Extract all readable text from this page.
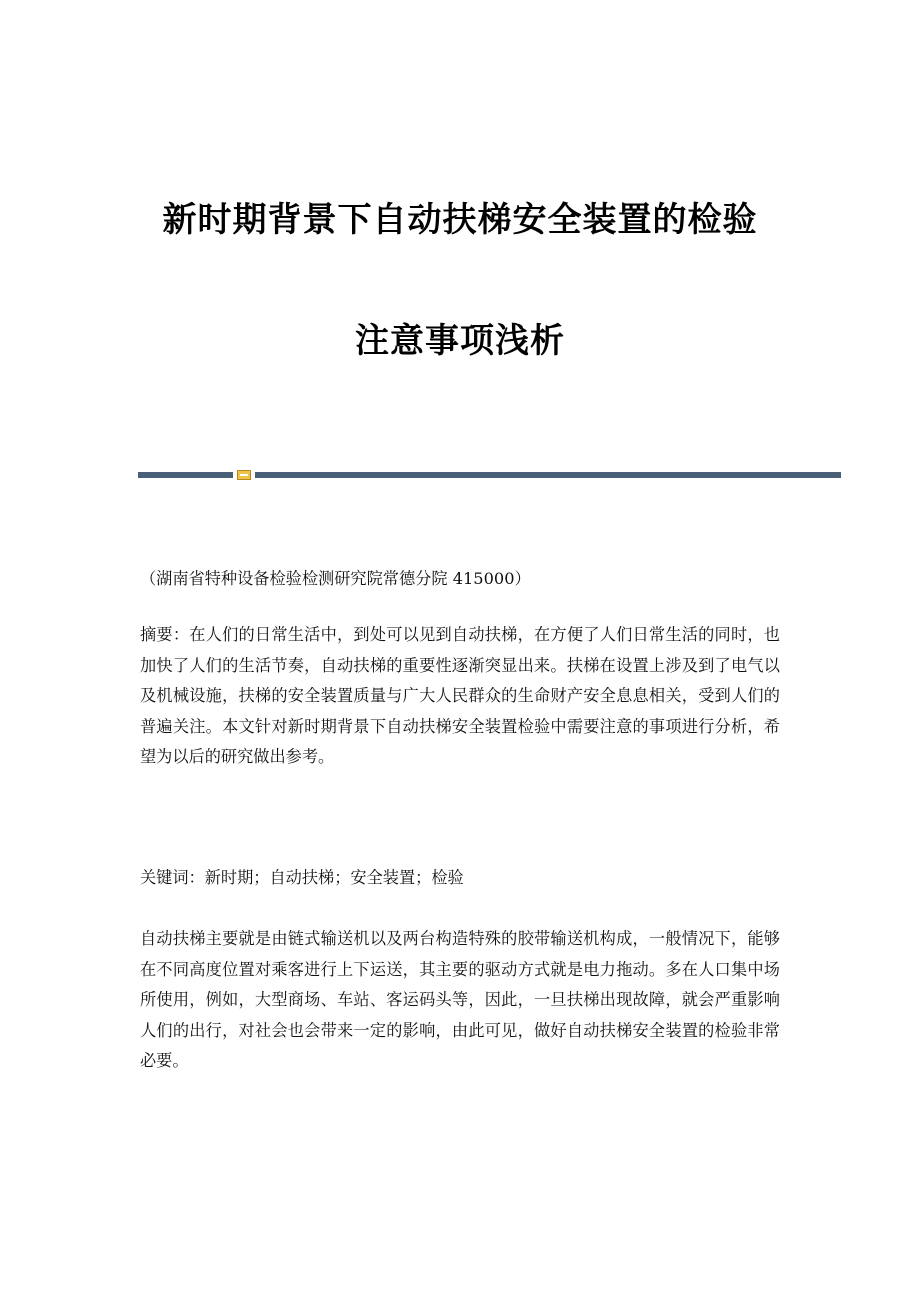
新时期背景下自动扶梯安全装置的检验
注意事项浅析

（湖南省特种设备检验检测研究院常德分院 415000）

摘要：在人们的日常生活中，到处可以见到自动扶梯，在方便了人们日常生活的同时，也加快了人们的生活节奏，自动扶梯的重要性逐渐突显出来。扶梯在设置上涉及到了电气以及机械设施，扶梯的安全装置质量与广大人民群众的生命财产安全息息相关，受到人们的普遍关注。本文针对新时期背景下自动扶梯安全装置检验中需要注意的事项进行分析，希望为以后的研究做出参考。

关键词：新时期；自动扶梯；安全装置；检验

自动扶梯主要就是由链式输送机以及两台构造特殊的胶带输送机构成，一般情况下，能够在不同高度位置对乘客进行上下运送，其主要的驱动方式就是电力拖动。多在人口集中场所使用，例如，大型商场、车站、客运码头等，因此，一旦扶梯出现故障，就会严重影响人们的出行，对社会也会带来一定的影响，由此可见，做好自动扶梯安全装置的检验非常必要。
